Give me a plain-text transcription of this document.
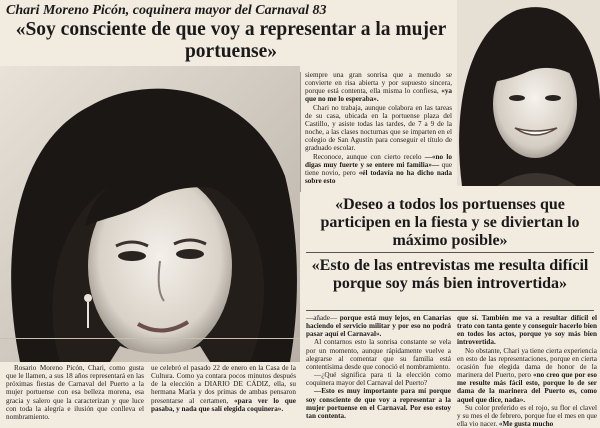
Chari Moreno Picón, coquinera mayor del Carnaval 83
«Soy consciente de que voy a representar a la mujer portuense»

siempre una gran sonrisa que a menudo se convierte en risa abierta y por supuesto sincera, porque está contenta, ella misma lo confiesa, «ya que no me lo esperaba».

Chari no trabaja, aunque colabora en las tareas de su casa, ubicada en la portuense plaza del Castillo, y asiste todas las tardes, de 7 a 9 de la noche, a las clases nocturnas que se imparten en el colegio de San Agustín para conseguir el título de graduado escolar.

Reconoce, aunque con cierto recelo —«no lo digas muy fuerte y se entere mi familia»— que tiene novio, pero «él todavía no ha dicho nada sobre esto

«Deseo a todos los portuenses que participen en la fiesta y se diviertan lo máximo posible»
«Esto de las entrevistas me resulta difícil porque soy más bien introvertida»

Rosario Moreno Picón, Chari, como gusta que le llamen, a sus 18 años representará en las próximas fiestas de Carnaval del Puerto a la mujer portuense con esa belleza morena, esa gracia y salero que la caracterizan y que luce con toda la alegría e ilusión que conlleva el nombramiento.

ue celebró el pasado 22 de enero en la Casa de la Cultura. Como ya contara pocos minutos después de la elección a DIARIO DE CÁDIZ, ella, su hermana María y dos primas de ambas pensaron presentarse al certamen, «para ver lo que pasaba, y nada que salí elegida coquinera».

—añade— porque está muy lejos, en Canarias haciendo el servicio militar y por eso no podrá pasar aquí el Carnaval».

Al contarnos esto la sonrisa constante se vela por un momento, aunque rápidamente vuelve a alegrarse al comentar que su familia está contentísima desde que conoció el nombramiento.

—¿Qué significa para ti la elección como coquinera mayor del Carnaval del Puerto?

—Esto es muy importante para mí porque soy consciente de que voy a representar a la mujer portuense en el Carnaval. Por eso estoy tan contenta.

que sí. También me va a resultar difícil el trato con tanta gente y conseguir hacerlo bien en todos los actos, porque yo soy más bien introvertida.

No obstante, Chari ya tiene cierta experiencia en esto de las representaciones, porque en cierta ocasión fue elegida dama de honor de la marinera del Puerto, pero «no creo que por eso me resulte más fácil esto, porque lo de ser dama de la marinera del Puerto es, como aquel que dice, nada».

Su color preferido es el rojo, su flor el clavel y su mes el de febrero, porque fue el mes en que ella vio nacer. «Me gusta mucho
